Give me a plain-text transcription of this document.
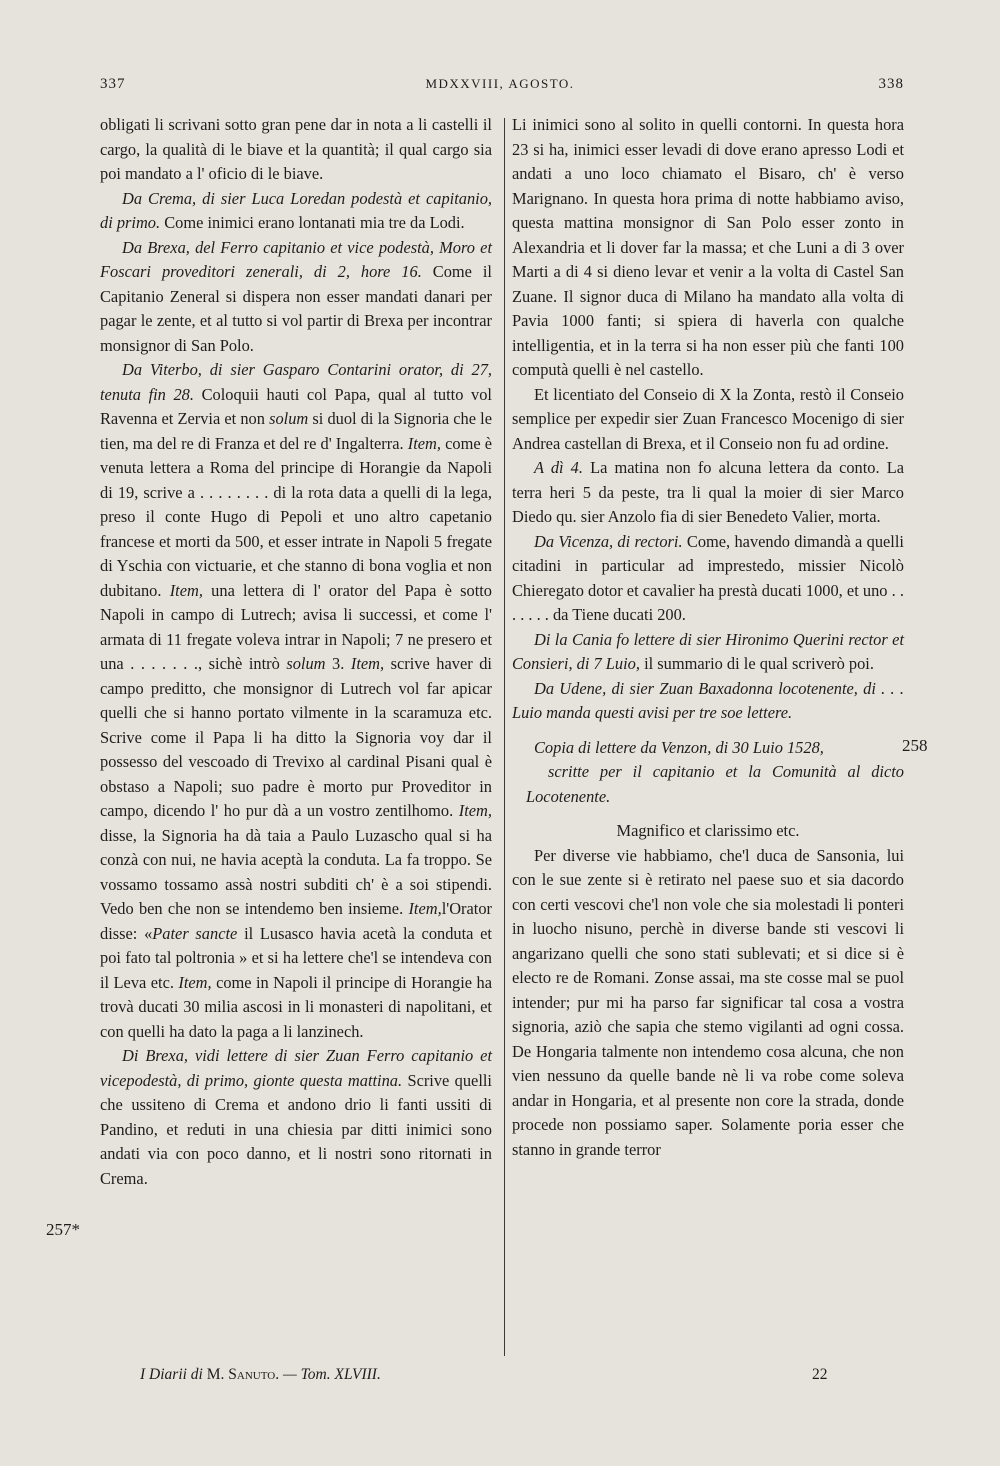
337	MDXXVIII, AGOSTO.	338

obligati li scrivani sotto gran pene dar in nota a li castelli il cargo, la qualità di le biave et la quantità; il qual cargo sia poi mandato a l' oficio di le biave.

Da Crema, di sier Luca Loredan podestà et capitanio, di primo. Come inimici erano lontanati mia tre da Lodi.

Da Brexa, del Ferro capitanio et vice podestà, Moro et Foscari proveditori zenerali, di 2, hore 16. Come il Capitanio Zeneral si dispera non esser mandati danari per pagar le zente, et al tutto si vol partir di Brexa per incontrar monsignor di San Polo.

Da Viterbo, di sier Gasparo Contarini orator, di 27, tenuta fin 28. Coloquii hauti col Papa, qual al tutto vol Ravenna et Zervia et non solum si duol di la Signoria che le tien, ma del re di Franza et del re d' Ingalterra. Item, come è venuta lettera a Roma del principe di Horangie da Napoli di 19, scrive a . . . . . . . . di la rota data a quelli di la lega, preso il conte Hugo di Pepoli et uno altro capetanio francese et morti da 500, et esser intrate in Napoli 5 fregate di Yschia con victuarie, et che stanno di bona voglia et non dubitano. Item, una lettera di l' orator del Papa è sotto Napoli in campo di Lutrech; avisa li successi, et come l' armata di 11 fregate voleva intrar in Napoli; 7 ne presero et una . . . . . . ., sichè intrò solum 3. Item, scrive haver di campo preditto, che monsignor di Lutrech vol far apicar quelli che si hanno portato vilmente in la scaramuza etc. Scrive come il Papa li ha ditto la Signoria voy dar il possesso del vescoado di Trevixo al cardinal Pisani qual è obstaso a Napoli; suo padre è morto pur Proveditor in campo, dicendo l' ho pur dà a un vostro zentilhomo. Item, disse, la Signoria ha dà taia a Paulo Luzascho qual si ha conzà con nui, ne havia aceptà la conduta. La fa troppo. Se vossamo tossamo assà nostri subditi ch' è a soi stipendi. Vedo ben che non se intendemo ben insieme. Item,l'Orator disse: «Pater sancte il Lusasco havia acetà la conduta et poi fato tal poltronia » et si ha lettere che'l se intendeva con il Leva etc. Item, come in Napoli il principe di Horangie ha trovà ducati 30 milia ascosi in li monasteri di napolitani, et con quelli ha dato la paga a li lanzinech.

Di Brexa, vidi lettere di sier Zuan Ferro capitanio et vicepodestà, di primo, gionte questa mattina. Scrive quelli che ussiteno di Crema et andono drio li fanti ussiti di Pandino, et reduti in una chiesia par ditti inimici sono andati via con poco danno, et li nostri sono ritornati in Crema.

Li inimici sono al solito in quelli contorni. In questa hora 23 si ha, inimici esser levadi di dove erano apresso Lodi et andati a uno loco chiamato el Bisaro, ch' è verso Marignano. In questa hora prima di notte habbiamo aviso, questa mattina monsignor di San Polo esser zonto in Alexandria et li dover far la massa; et che Luni a di 3 over Marti a di 4 si dieno levar et venir a la volta di Castel San Zuane. Il signor duca di Milano ha mandato alla volta di Pavia 1000 fanti; si spiera di haverla con qualche intelligentia, et in la terra si ha non esser più che fanti 100 computà quelli è nel castello.

Et licentiato del Conseio di X la Zonta, restò il Conseio semplice per expedir sier Zuan Francesco Mocenigo di sier Andrea castellan di Brexa, et il Conseio non fu ad ordine.

A dì 4. La matina non fo alcuna lettera da conto. La terra heri 5 da peste, tra li qual la moier di sier Marco Diedo qu. sier Anzolo fia di sier Benedeto Valier, morta.

Da Vicenza, di rectori. Come, havendo dimandà a quelli citadini in particular ad imprestedo, missier Nicolò Chieregato dotor et cavalier ha prestà ducati 1000, et uno . . . . . . . da Tiene ducati 200.

Di la Cania fo lettere di sier Hironimo Querini rector et Consieri, di 7 Luio, il summario di le qual scriverò poi.

Da Udene, di sier Zuan Baxadonna locotenente, di . . . Luio manda questi avisi per tre soe lettere.

Copia di lettere da Venzon, di 30 Luio 1528,
scritte per il capitanio et la Comunità al dicto Locotenente.

Magnifico et clarissimo etc.

Per diverse vie habbiamo, che'l duca de Sansonia, lui con le sue zente si è retirato nel paese suo et sia dacordo con certi vescovi che'l non vole che sia molestadi li ponteri in luocho nisuno, perchè in diverse bande sti vescovi li angarizano quelli che sono stati sublevati; et si dice si è electo re de Romani. Zonse assai, ma ste cosse mal se puol intender; pur mi ha parso far significar tal cosa a vostra signoria, aziò che sapia che stemo vigilanti ad ogni cossa. De Hongaria talmente non intendemo cosa alcuna, che non vien nessuno da quelle bande nè li va robe come soleva andar in Hongaria, et al presente non core la strada, donde procede non possiamo saper. Solamente poria esser che stanno in grande terror

257*
258
I Diarii di M. Sanuto. — Tom. XLVIII.	22
